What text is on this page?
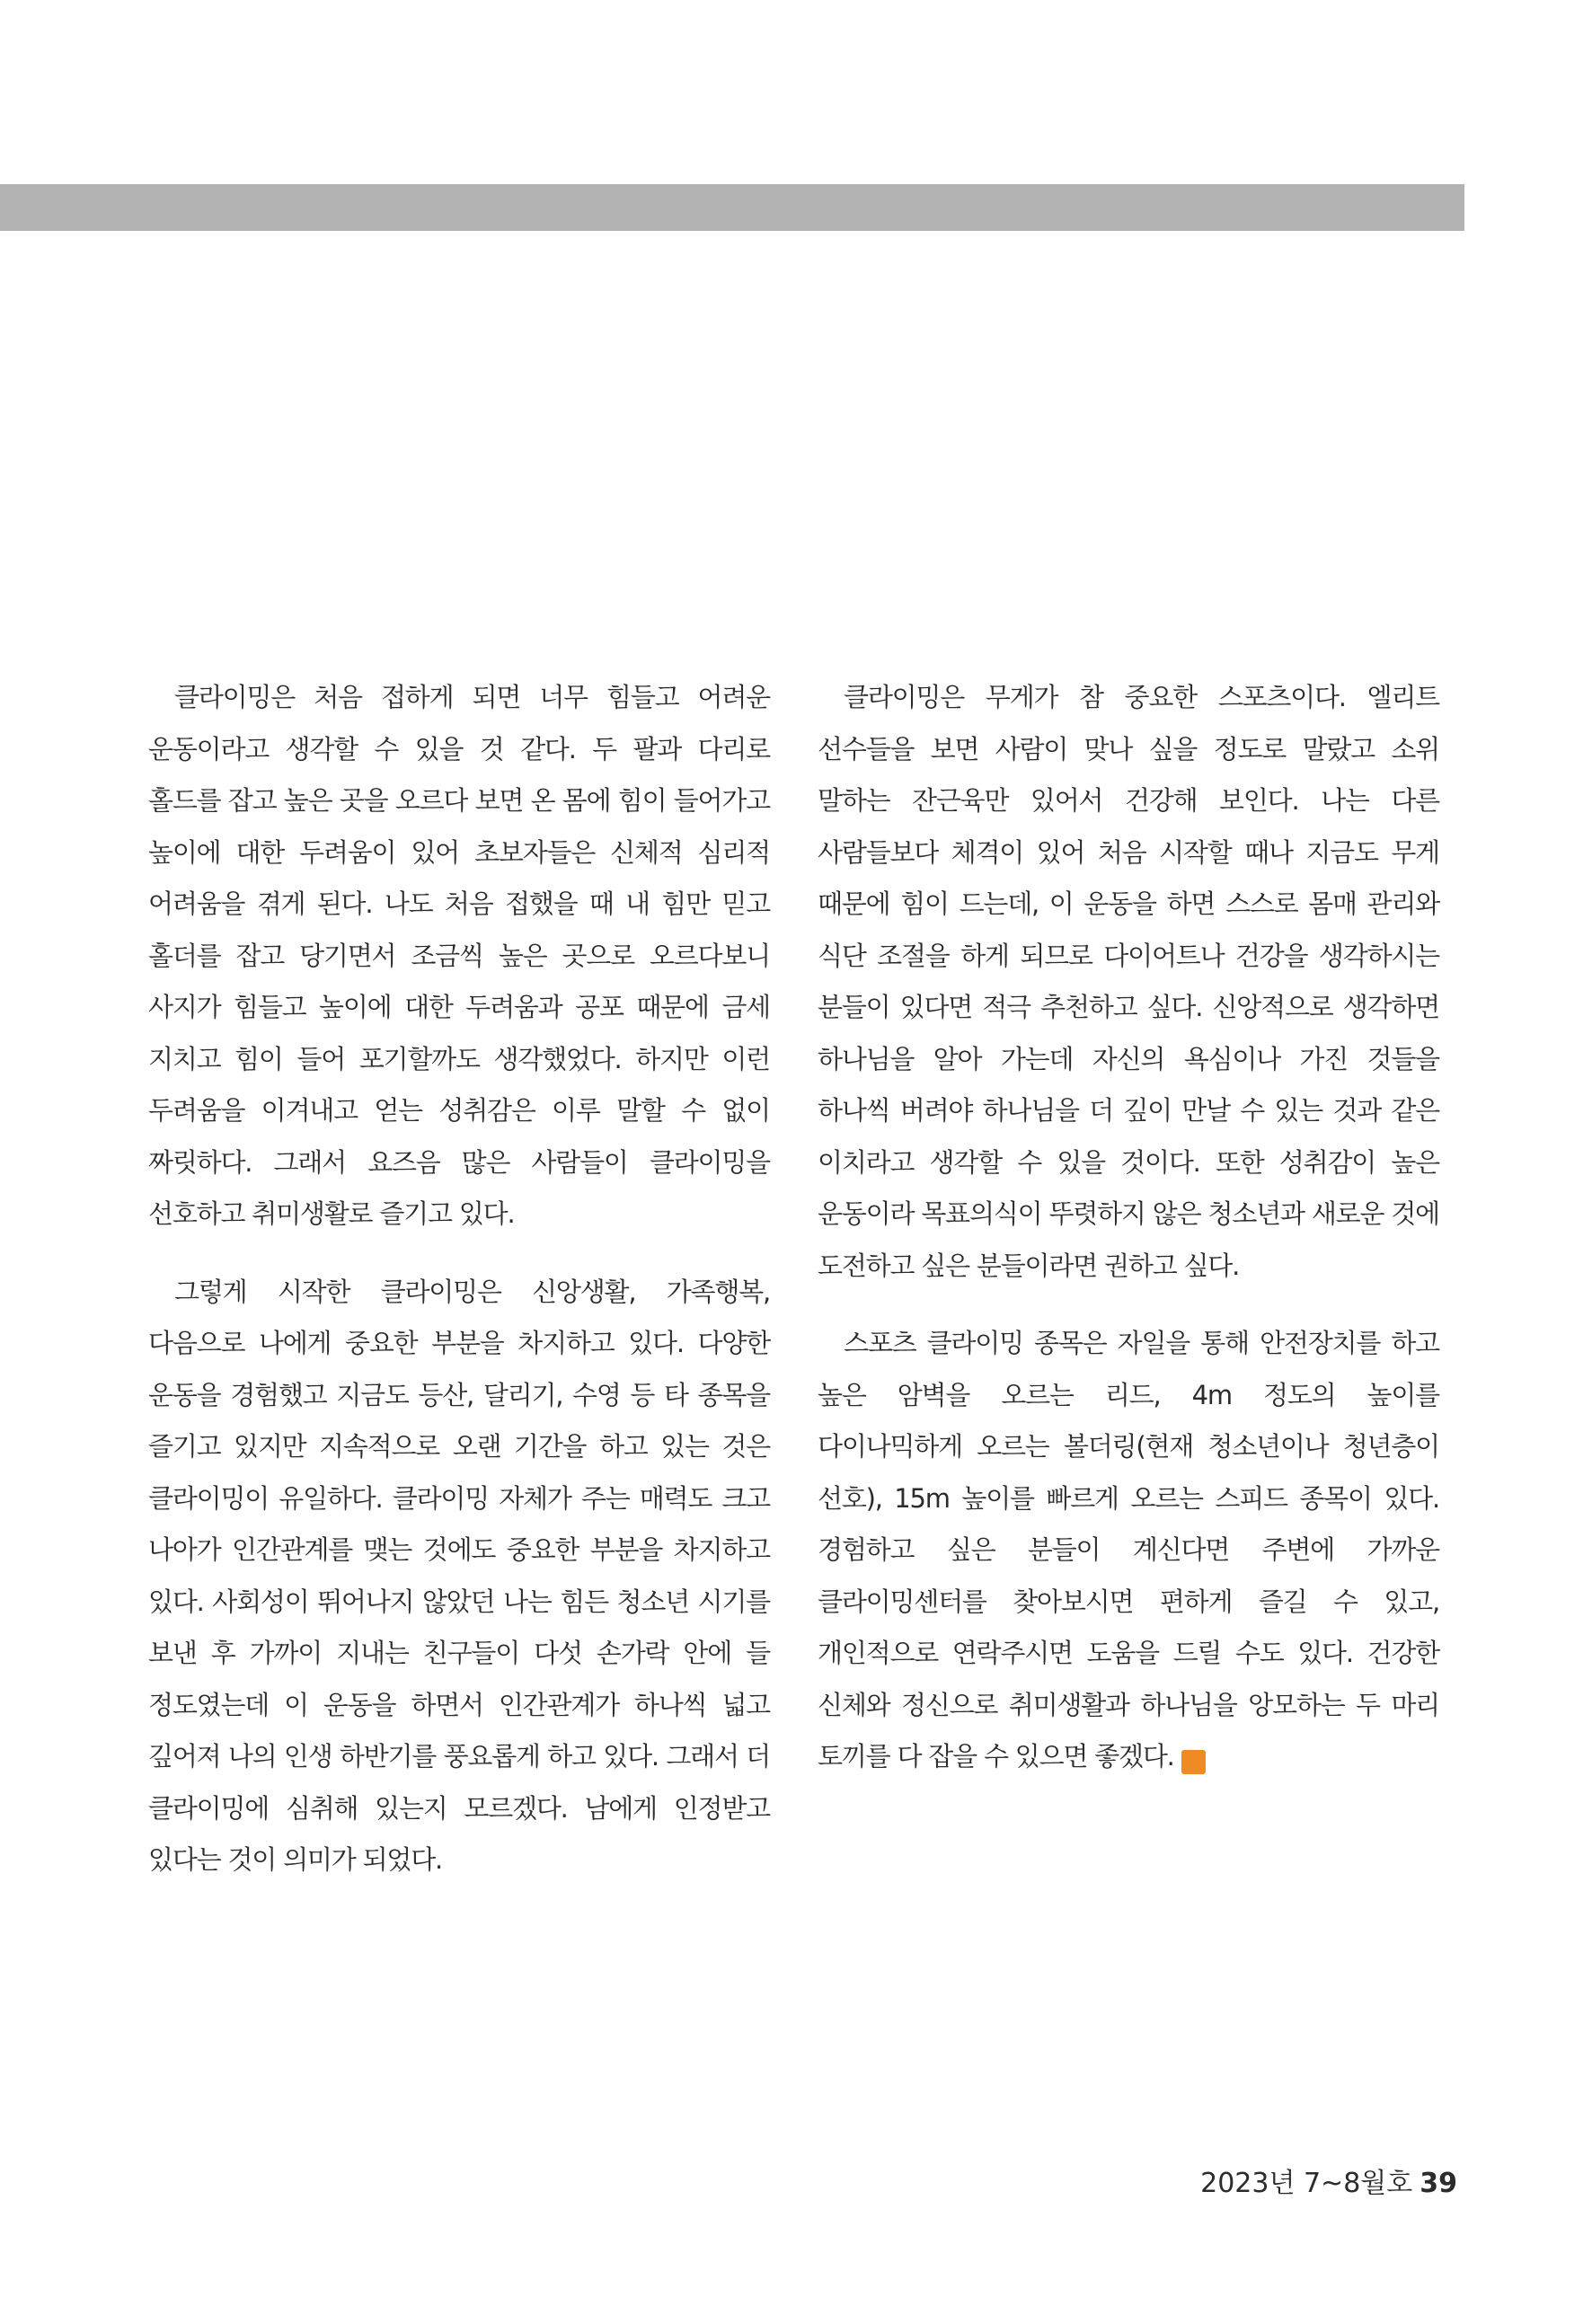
클라이밍은 처음 접하게 되면 너무 힘들고 어려운 운동이라고 생각할 수 있을 것 같다. 두 팔과 다리로 홀드를 잡고 높은 곳을 오르다 보면 온 몸에 힘이 들어가고 높이에 대한 두려움이 있어 초보자들은 신체적 심리적 어려움을 겪게 된다. 나도 처음 접했을 때 내 힘만 믿고 홀더를 잡고 당기면서 조금씩 높은 곳으로 오르다보니 사지가 힘들고 높이에 대한 두려움과 공포 때문에 금세 지치고 힘이 들어 포기할까도 생각했었다. 하지만 이런 두려움을 이겨내고 얻는 성취감은 이루 말할 수 없이 짜릿하다. 그래서 요즈음 많은 사람들이 클라이밍을 선호하고 취미생활로 즐기고 있다.

그렇게 시작한 클라이밍은 신앙생활, 가족행복, 다음으로 나에게 중요한 부분을 차지하고 있다. 다양한 운동을 경험했고 지금도 등산, 달리기, 수영 등 타 종목을 즐기고 있지만 지속적으로 오랜 기간을 하고 있는 것은 클라이밍이 유일하다. 클라이밍 자체가 주는 매력도 크고 나아가 인간관계를 맺는 것에도 중요한 부분을 차지하고 있다. 사회성이 뛰어나지 않았던 나는 힘든 청소년 시기를 보낸 후 가까이 지내는 친구들이 다섯 손가락 안에 들 정도였는데 이 운동을 하면서 인간관계가 하나씩 넓고 깊어져 나의 인생 하반기를 풍요롭게 하고 있다. 그래서 더 클라이밍에 심취해 있는지 모르겠다. 남에게 인정받고 있다는 것이 의미가 되었다.

클라이밍은 무게가 참 중요한 스포츠이다. 엘리트 선수들을 보면 사람이 맞나 싶을 정도로 말랐고 소위 말하는 잔근육만 있어서 건강해 보인다. 나는 다른 사람들보다 체격이 있어 처음 시작할 때나 지금도 무게 때문에 힘이 드는데, 이 운동을 하면 스스로 몸매 관리와 식단 조절을 하게 되므로 다이어트나 건강을 생각하시는 분들이 있다면 적극 추천하고 싶다. 신앙적으로 생각하면 하나님을 알아 가는데 자신의 욕심이나 가진 것들을 하나씩 버려야 하나님을 더 깊이 만날 수 있는 것과 같은 이치라고 생각할 수 있을 것이다. 또한 성취감이 높은 운동이라 목표의식이 뚜렷하지 않은 청소년과 새로운 것에 도전하고 싶은 분들이라면 권하고 싶다.

스포츠 클라이밍 종목은 자일을 통해 안전장치를 하고 높은 암벽을 오르는 리드, 4m 정도의 높이를 다이나믹하게 오르는 볼더링(현재 청소년이나 청년층이 선호), 15m 높이를 빠르게 오르는 스피드 종목이 있다. 경험하고 싶은 분들이 계신다면 주변에 가까운 클라이밍센터를 찾아보시면 편하게 즐길 수 있고, 개인적으로 연락주시면 도움을 드릴 수도 있다. 건강한 신체와 정신으로 취미생활과 하나님을 앙모하는 두 마리 토끼를 다 잡을 수 있으면 좋겠다. N

2023년 7~8월호 39
